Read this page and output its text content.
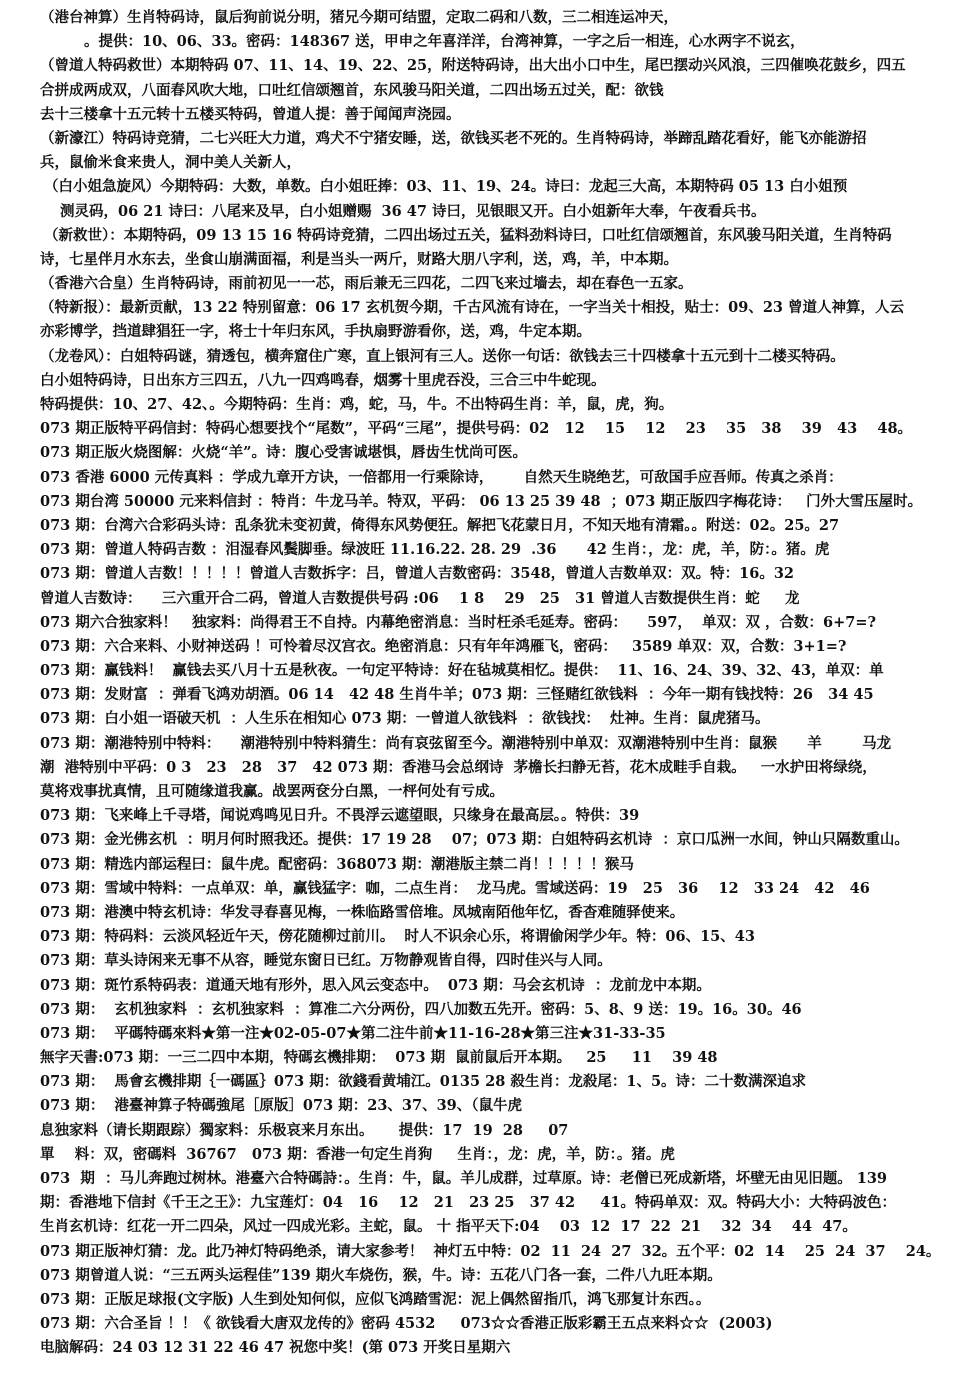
（港台神算）生肖特码诗，鼠后狗前说分明，猪兄今期可结盟，定取二码和八数，三二相连运冲天，
。提供：10、06、33。密码：148367 送，甲申之年喜洋洋，台湾神算，一字之后一相连，心水两字不说玄，
（曾道人特码救世）本期特码 07、11、14、19、22、25，附送特码诗，出大出小口中生，尾巴摆动兴风浪，三四催唤花鼓乡，四五
合拼成两成双，八面春风吹大地，口吐红信颂翘首，东风骏马阳关道，二四出场五过关，配：欲钱
去十三楼拿十五元转十五楼买特码，曾道人提：善于闻闻声浇园。
（新濠江）特码诗竞猜，二七兴旺大力道，鸡犬不宁猪安睡，送，欲钱买老不死的。生肖特码诗，举蹄乱踏花看好，能飞亦能游招
兵，鼠偷米食来贵人，洞中美人关新人，
（白小姐急旋风）今期特码：大数，单数。白小姐旺捧：03、11、19、24。诗曰：龙起三大高，本期特码 05 13 白小姐预
测灵码，06 21 诗曰：八尾来及早，白小姐赠赐  36 47 诗曰，见银眼又开。白小姐新年大奉，午夜看兵书。
（新救世）：本期特码，09 13 15 16 特码诗竞猜，二四出场过五关，猛料劲料诗曰，口吐红信颂翘首，东风骏马阳关道，生肖特码
诗，七星伴月水东去，坐食山崩满面福，利是当头一两斤，财路大朋八字利，送，鸡，羊，中本期。
（香港六合皇）生肖特码诗，雨前初见一一芯，雨后兼无三四花，二四飞来过墙去，却在春色一五家。
（特新报）：最新贡献，13 22 特别留意：06 17 玄机贺今期，千古风流有诗在，一字当关十相投，贴士：09、23 曾道人神算，人云
亦彩博学，挡道肆猖狂一字，将士十年归东风，手执扇野游看你，送，鸡，牛定本期。
（龙卷风）：白姐特码谜，猜透包，横奔窟住广寒，直上银河有三人。送你一句话：欲钱去三十四楼拿十五元到十二楼买特码。
白小姐特码诗，日出东方三四五，八九一四鸡鸣春，烟雾十里虎吞没，三合三中牛蛇现。
特码提供：10、27、42、。今期特码：生肖：鸡，蛇，马，牛。不出特码生肖：羊，鼠，虎，狗。
073 期正版特平码信封：特码心想要找个“尾数”，平码“三尾”，提供号码：02   12    15    12    23    35   38    39   43    48。
073 期正版火烧图解：火烧“羊”。诗：腹心受害诚堪惧，唇齿生忧尚可医。
073 香港 6000 元传真料 ：学成九章开方诀，一倍都用一行乘除诗，      自然天生晓绝艺，可敌国手应吾师。传真之杀肖：
073 期台湾 50000 元来料信封 ：特肖：牛龙马羊。特双，平码： 06 13 25 39 48  ；073 期正版四字梅花诗：   门外大雪压屋时。
073 期：台湾六合彩码头诗：乱条犹未变初黄，倚得东风势便狂。解把飞花蒙日月，不知天地有清霜。。附送：02。25。27
073 期：曾道人特码吉数 ：泪湿春风鬓脚垂。绿波旺 11.16.22. 28. 29  .36      42 生肖：，龙：虎，羊，防：。猪。虎
073 期：曾道人吉数！！！！！曾道人吉数拆字：吕，曾道人吉数密码：3548，曾道人吉数单双：双。特：16。32
曾道人吉数诗：    三六重开合二码，曾道人吉数提供号码 :06    1 8    29   25   31 曾道人吉数提供生肖：蛇     龙
073 期六合独家料！   独家料：尚得君王不自持。内幕绝密消息：当时枉杀毛延寿。密码：    597，  单双：双 ，合数：6+7=?
073 期：六合来料、小财神送码 ！可怜着尽汉宫衣。绝密消息：只有年年鸿雁飞，密码：   3589 单双：双，合数：3+1=?
073 期：赢钱料！  赢钱去买八月十五是秋夜。一句定平特诗：好在毡城莫相忆。提供：  11、16、24、39、32、43，单双：单
073 期：发财富  ：弹看飞鸿劝胡酒。06 14   42 48 生肖牛羊；073 期：三怪赌红欲钱料  ：今年一期有钱找特：26   34 45
073 期：白小姐一语破天机  ：人生乐在相知心 073 期：一曾道人欲钱料  ：欲钱找：  灶神。生肖：鼠虎猪马。
073 期：潮港特别中特料：    潮港特别中特料猜生：尚有哀弦留至今。潮港特别中单双：双潮港特别中生肖：鼠猴      羊        马龙
潮  港特别中平码：0 3   23   28   37   42 073 期：香港马会总纲诗  茅檐长扫静无苔，花木成畦手自栽。   一水护田将绿绕，
莫将戏事扰真情，且可随缘道我赢。战罢两奁分白黑，一枰何处有亏成。
073 期：飞来峰上千寻塔，闻说鸡鸣见日升。不畏浮云遮望眼，只缘身在最高层。。特供：39
073 期：金光佛玄机  ：明月何时照我还。提供：17 19 28    07；073 期：白姐特码玄机诗  ：京口瓜洲一水间，钟山只隔数重山。
073 期：精选内部运程曰：鼠牛虎。配密码：368073 期：潮港版主禁二肖！！！！！猴马
073 期：雪域中特料：一点单双：单，赢钱猛字：咖，二点生肖：  龙马虎。雪域送码：19   25   36    12   33 24   42   46
073 期：港澳中特玄机诗：华发寻春喜见梅，一株临路雪倍堆。凤城南陌他年忆，香杳难随驿使来。
073 期：特码料：云淡风轻近午天，傍花随柳过前川。  时人不识余心乐，将谓偷闲学少年。特：06、15、43
073 期：草头诗闲来无事不从容，睡觉东窗日已红。万物静观皆自得，四时佳兴与人同。
073 期：斑竹系特码表：道通天地有形外，思入风云变态中。  073 期：马会玄机诗  ：龙前龙中本期。
073 期：  玄机独家料  ：玄机独家料  ：算准二六分两份，四八加数五先开。密码：5、8、9 送：19。16。30。46
073 期：  平碼特碼來料★第一注★02-05-07★第二注牛前★11-16-28★第三注★31-33-35
無字天書:073 期：一三二四中本期，特碼玄機排期：  073 期  鼠前鼠后开本期。   25     11    39 48
073 期：  馬會玄機排期｛一碼區｝073 期：欲錢看黄埔江。0135 28 殺生肖：龙殺尾：1、5。诗：二十数满深追求
073 期：  港臺神算子特碼強尾［原版］073 期：23、37、39、（鼠牛虎
息独家料（请长期跟踪）獨家料：乐极哀来月东出。     提供：17  19  28     07
單    料：双，密碼料  36767   073 期：香港一句定生肖狗     生肖：，龙：虎，羊，防：。猪。虎
073  期  ：马儿奔跑过树林。港臺六合特碼詩：。生肖：牛，鼠。羊儿成群，过草原。诗：老僧已死成新塔，坏壁无由见旧题。 139
期：香港地下信封《千王之王》：九宝莲灯：04   16    12   21   23 25   37 42     41。特码单双：双。特码大小：大特码波色：
生肖玄机诗：红花一开二四朵，风过一四成光彩。主蛇，鼠。 十 指平天下:04    03  12  17  22  21    32  34    44  47。
073 期正版神灯猜：龙。此乃神灯特码绝杀，请大家参考！  神灯五中特：02  11  24  27  32。五个平：02  14    25  24  37    24。
073 期曾道人说：“三五两头运程佳”139 期火车烧伤，猴，牛。诗：五花八门各一套，二件八九旺本期。
073 期：正版足球报(文字版) 人生到处知何似，应似飞鸿踏雪泥：泥上偶然留指爪，鸿飞那复计东西。。
073 期：六合圣旨 ！！《 欲钱看大唐双龙传的》密码 4532     073☆☆香港正版彩霸王五点来料☆☆  (2003)
电脑解码：24 03 12 31 22 46 47 祝您中奖！(第 073 开奖日星期六
